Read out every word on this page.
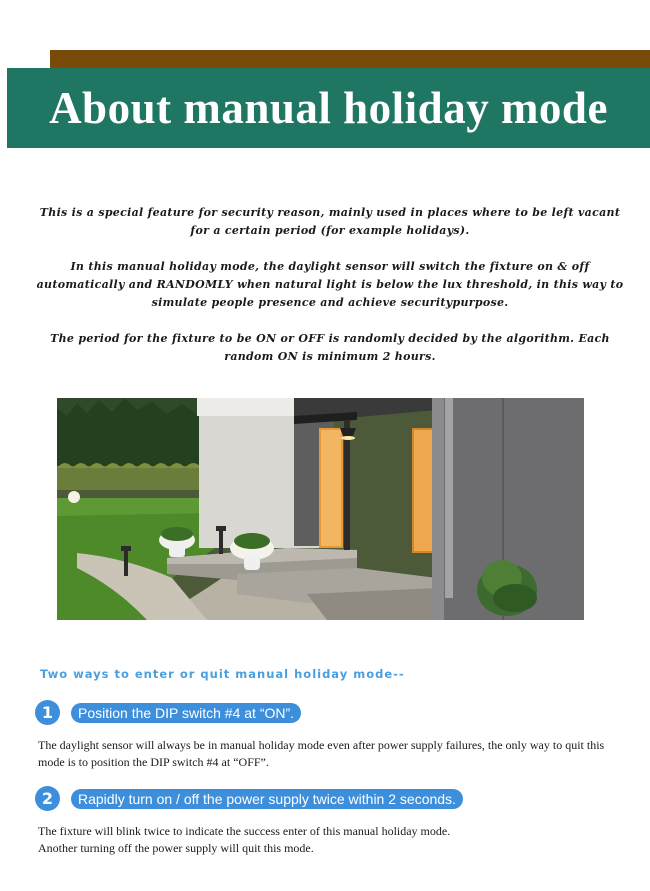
About manual holiday mode

This is a special feature for security reason, mainly used in places where to be left vacant for a certain period (for example holidays).

In this manual holiday mode, the daylight sensor will switch the fixture on & off automatically and RANDOMLY when natural light is below the lux threshold, in this way to simulate people presence and achieve securitypurpose.

The period for the fixture to be ON or OFF is randomly decided by the algorithm. Each random ON is minimum 2 hours.

Two ways to enter or quit manual holiday mode--
1	Position the DIP switch #4 at “ON”.

The daylight sensor will always be in manual holiday mode even after power supply failures, the only way to quit this mode is to position the DIP switch #4 at “OFF”.

2	Rapidly turn on / off the power supply twice within 2 seconds.

The fixture will blink twice to indicate the success enter of this manual holiday mode.

Another turning off the power supply will quit this mode.
